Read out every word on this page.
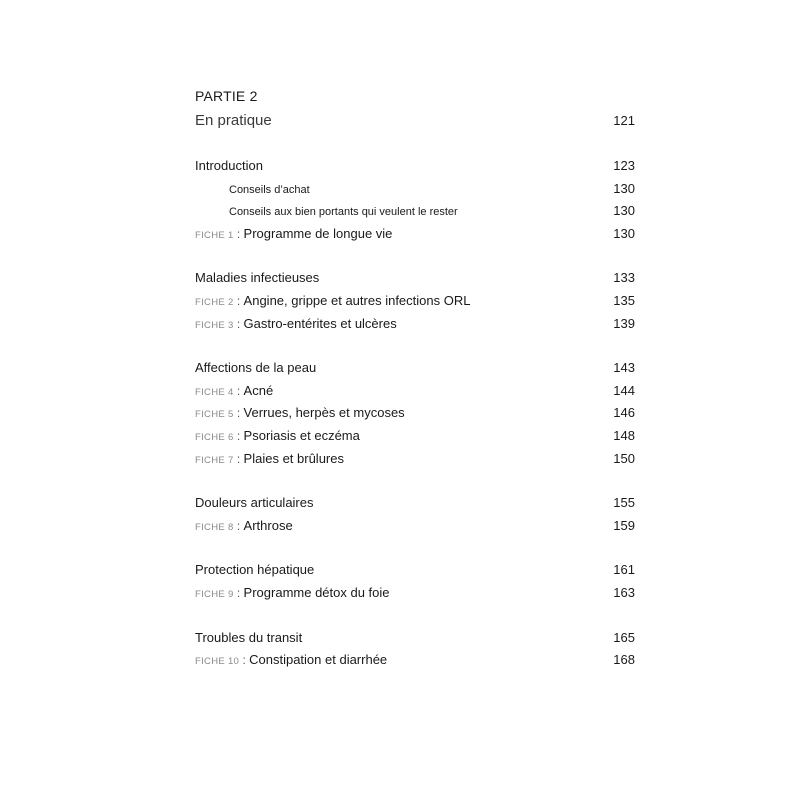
PARTIE 2
En pratique	121
Introduction	123
Conseils d’achat	130
Conseils aux bien portants qui veulent le rester	130
FICHE 1 : Programme de longue vie	130
Maladies infectieuses	133
FICHE 2 : Angine, grippe et autres infections ORL	135
FICHE 3 : Gastro-entérites et ulcères	139
Affections de la peau	143
FICHE 4 : Acné	144
FICHE 5 : Verrues, herpès et mycoses	146
FICHE 6 : Psoriasis et eczéma	148
FICHE 7 : Plaies et brûlures	150
Douleurs articulaires	155
FICHE 8 : Arthrose	159
Protection hépatique	161
FICHE 9 : Programme détox du foie	163
Troubles du transit	165
FICHE 10 : Constipation et diarrhée	168
